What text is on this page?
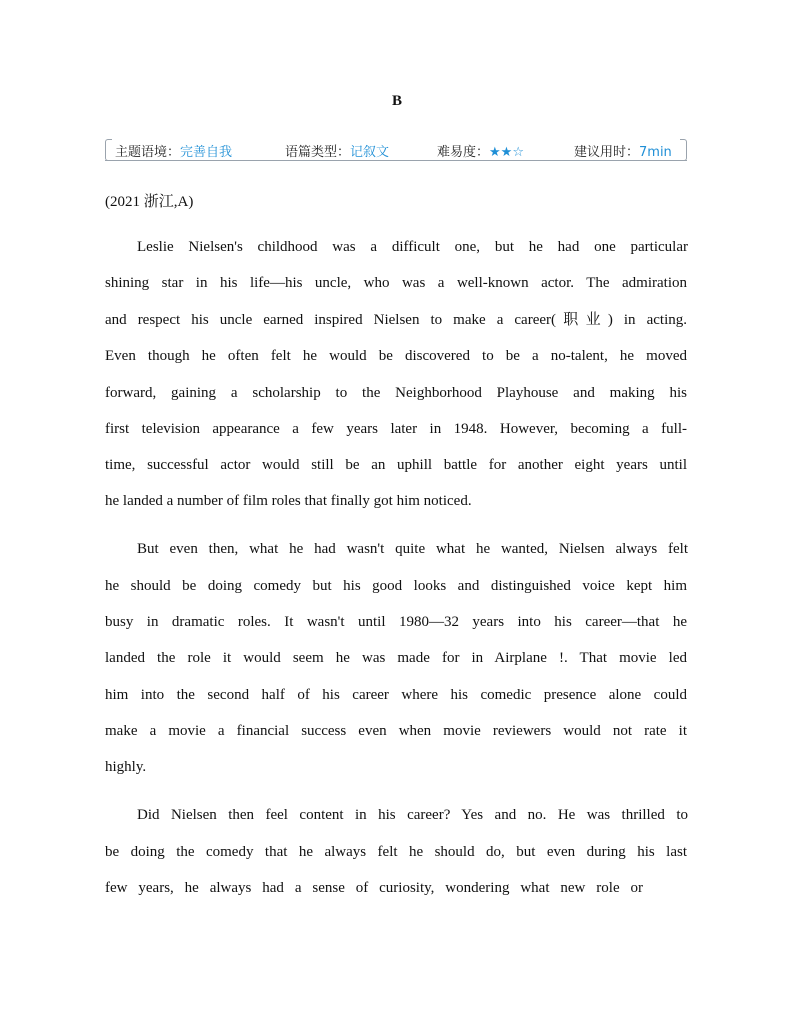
B
主题语境：完善自我	语篇类型：记叙文	难易度：★★☆	建议用时：7min
(2021 浙江,A)
Leslie Nielsen's childhood was a difficult one, but he had one particular
shining star in his life—his uncle, who was a well-known actor. The admiration
and respect his uncle earned inspired Nielsen to make a career(职业) in acting.
Even though he often felt he would be discovered to be a no-talent, he moved
forward, gaining a scholarship to the Neighborhood Playhouse and making his
first television appearance a few years later in 1948. However, becoming a full-
time, successful actor would still be an uphill battle for another eight years until
he landed a number of film roles that finally got him noticed.
But even then, what he had wasn't quite what he wanted, Nielsen always felt
he should be doing comedy but his good looks and distinguished voice kept him
busy in dramatic roles. It wasn't until 1980—32 years into his career—that he
landed the role it would seem he was made for in Airplane !. That movie led
him into the second half of his career where his comedic presence alone could
make a movie a financial success even when movie reviewers would not rate it
highly.
Did Nielsen then feel content in his career? Yes and no. He was thrilled to
be doing the comedy that he always felt he should do, but even during his last
few years, he always had a sense of curiosity, wondering what new role or
